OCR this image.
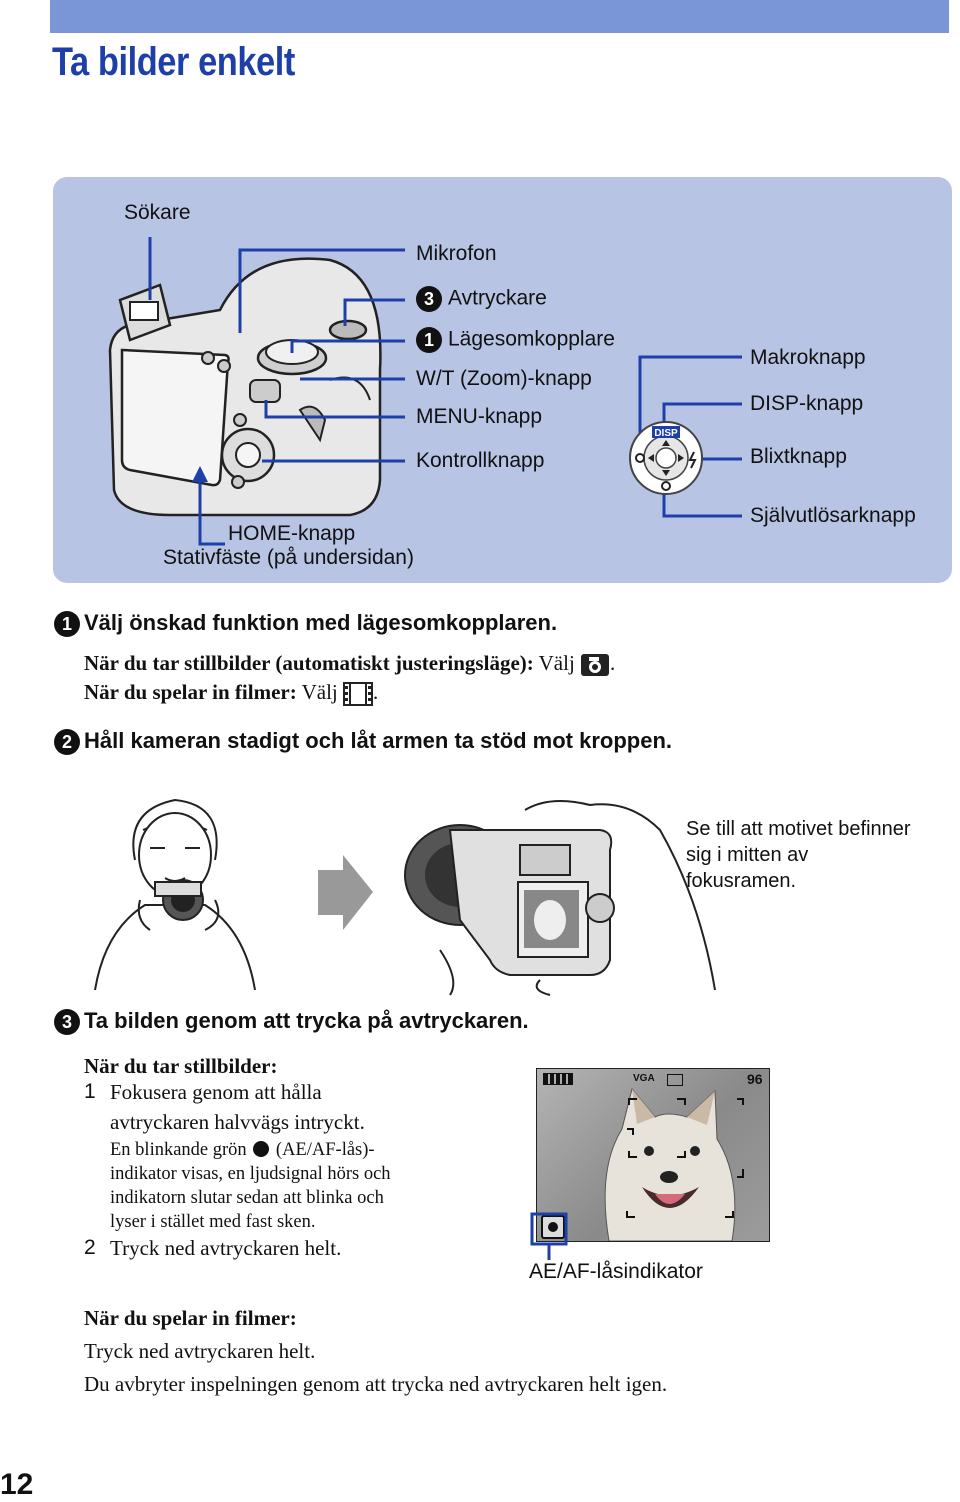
Ta bilder enkelt
DISP
Sökare
Mikrofon
3 Avtryckare
1 Lägesomkopplare
W/T (Zoom)-knapp
MENU-knapp
Kontrollknapp
HOME-knapp
Stativfäste (på undersidan)
Makroknapp
DISP-knapp
Blixtknapp
Självutlösarknapp
1 Välj önskad funktion med lägesomkopplaren.
När du tar stillbilder (automatiskt justeringsläge): Välj .
När du spelar in filmer: Välj .
2 Håll kameran stadigt och låt armen ta stöd mot kroppen.
Se till att motivet befinner sig i mitten av fokusramen.
3 Ta bilden genom att trycka på avtryckaren.
När du tar stillbilder:
1 Fokusera genom att hålla
avtryckaren halvvägs intryckt.
En blinkande grön (AE/AF-lås)-
indikator visas, en ljudsignal hörs och
indikatorn slutar sedan att blinka och
lyser i stället med fast sken.
2 Tryck ned avtryckaren helt.
VGA	96
AE/AF-låsindikator
När du spelar in filmer:
Tryck ned avtryckaren helt.
Du avbryter inspelningen genom att trycka ned avtryckaren helt igen.
12
